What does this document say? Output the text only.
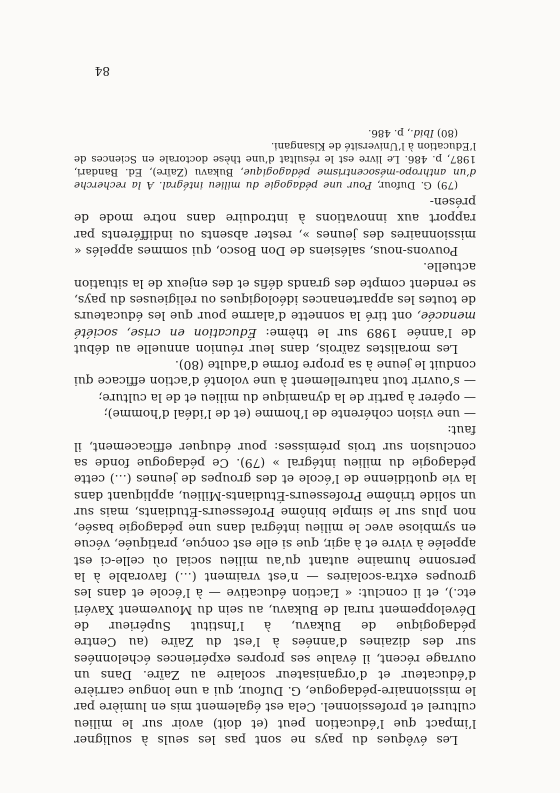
Les évêques du pays ne sont pas les seuls à souligner l’impact que l’éducation peut (et doit) avoir sur le milieu culturel et professionnel. Cela est également mis en lumière par le missionnaire-pédagogue, G. Dufour, qui a une longue carrière d’éducateur et d’organisateur scolaire au Zaïre. Dans un ouvrage récent, il évalue ses propres expériences échelonnées sur des dizaines d’années à l’est du Zaïre (au Centre pédagogique de Bukavu, à l’Institut Supérieur de Développement rural de Bukavu, au sein du Mouvement Xavéri etc.), et il conclut: « L’action éducative — à l’école et dans les groupes extra-scolaires — n’est vraiment (…) favorable à la personne humaine autant qu’au milieu social où celle-ci est appelée à vivre et à agir, que si elle est conçue, pratiquée, vécue en symbiose avec le milieu intégral dans une pédagogie basée, non plus sur le simple binôme Professeurs-Étudiants, mais sur un solide trinôme Professeurs-Étudiants-Milieu, appliquant dans la vie quotidienne de l’école et des groupes de jeunes (…) cette pédagogie du milieu intégral » (79). Ce pédagogue fonde sa conclusion sur trois prémisses: pour éduquer efficacement, il faut:

— une vision cohérente de l’homme (et de l’idéal d’homme);

— opérer à partir de la dynamique du milieu et de la culture;

— s’ouvrir tout naturellement à une volonté d’action efficace qui conduit le jeune à sa propre forme d’adulte (80).

Les moralistes zaïrois, dans leur réunion annuelle au début de l’année 1989 sur le thème: Éducation en crise, société menacée, ont tiré la sonnette d’alarme pour que les éducateurs de toutes les appartenances idéologiques ou religieuses du pays, se rendent compte des grands défis et des enjeux de la situation actuelle.

Pouvons-nous, salésiens de Don Bosco, qui sommes appelés « missionnaires des jeunes », rester absents ou indifférents par rapport aux innovations à introduire dans notre mode de présen-

(79) G. Dufour, Pour une pédagogie du milieu intégral. A la recherche d’un anthropo-mésocentrisme pédagogique, Bukavu (Zaïre), Ed. Bandari, 1987, p. 486. Le livre est le résultat d’une thèse doctorale en Sciences de l’Education à l’Université de Kisangani.

(80) Ibid., p. 486.

84
